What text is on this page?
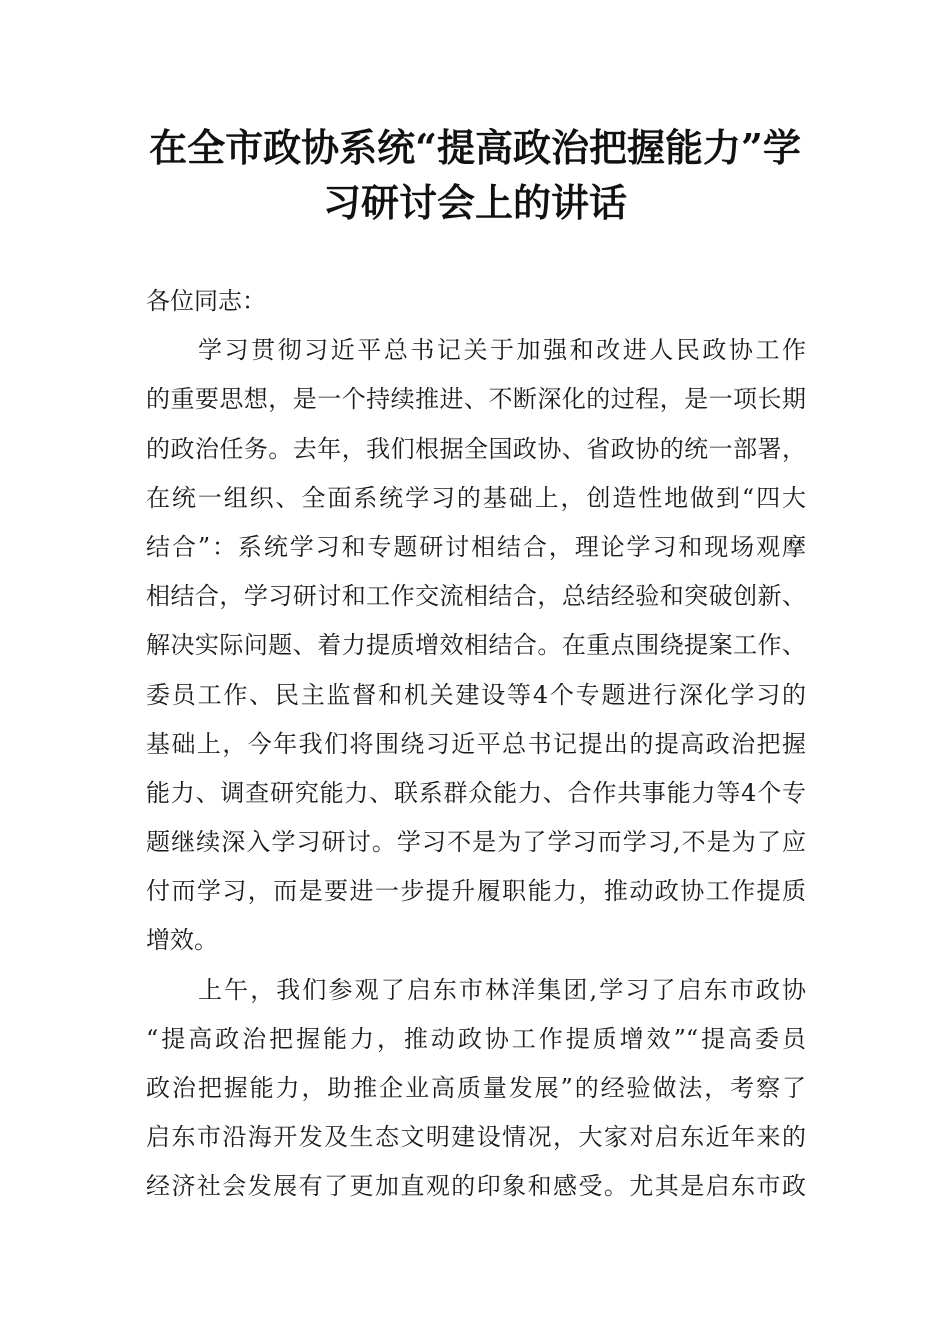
在全市政协系统“提高政治把握能力”学
习研讨会上的讲话
各位同志：
学习贯彻习近平总书记关于加强和改进人民政协工作
的重要思想，是一个持续推进、不断深化的过程，是一项长期
的政治任务。去年，我们根据全国政协、省政协的统一部署，
在统一组织、全面系统学习的基础上，创造性地做到“四大
结合”：系统学习和专题研讨相结合，理论学习和现场观摩
相结合，学习研讨和工作交流相结合，总结经验和突破创新、
解决实际问题、着力提质增效相结合。在重点围绕提案工作、
委员工作、民主监督和机关建设等4个专题进行深化学习的
基础上，今年我们将围绕习近平总书记提出的提高政治把握
能力、调查研究能力、联系群众能力、合作共事能力等4个专
题继续深入学习研讨。学习不是为了学习而学习,不是为了应
付而学习，而是要进一步提升履职能力，推动政协工作提质
增效。
上午，我们参观了启东市林洋集团,学习了启东市政协
“提高政治把握能力，推动政协工作提质增效”“提高委员
政治把握能力，助推企业高质量发展”的经验做法，考察了
启东市沿海开发及生态文明建设情况，大家对启东近年来的
经济社会发展有了更加直观的印象和感受。尤其是启东市政
